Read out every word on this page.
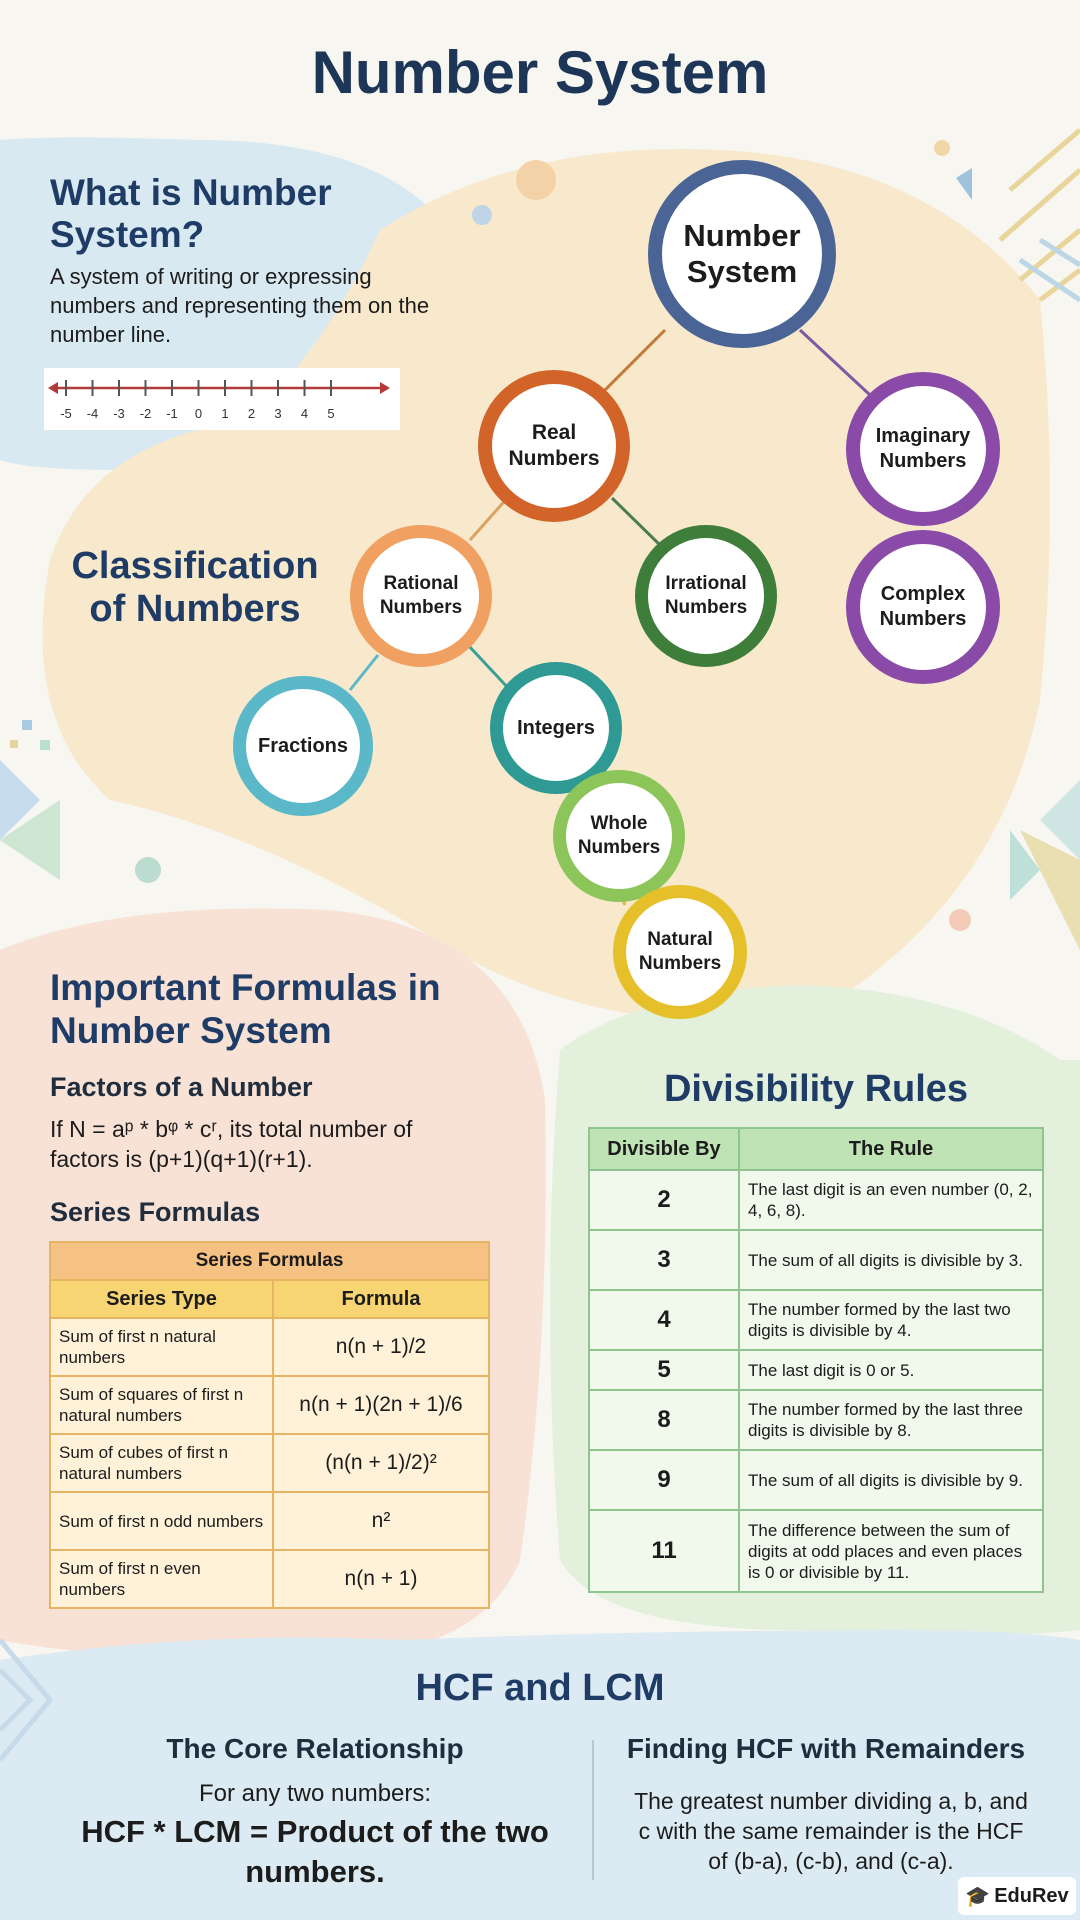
Number System
What is Number System?

A system of writing or expressing numbers and representing them on the number line.

-5 -4 -3 -2 -1 0 1 2 3 4 5
Classification of Numbers
Number System
Real Numbers
Imaginary Numbers
Complex Numbers
Rational Numbers
Irrational Numbers
Fractions
Integers
Whole Numbers
Natural Numbers
Important Formulas in Number System
Factors of a Number

If N = aᵖ * bᵠ * cʳ, its total number of factors is (p+1)(q+1)(r+1).

Series Formulas
Series Formulas	
Series Type	Formula
Sum of first n natural numbers	n(n + 1)/2
Sum of squares of first n natural numbers	n(n + 1)(2n + 1)/6
Sum of cubes of first n natural numbers	(n(n + 1)/2)²
Sum of first n odd numbers	n²
Sum of first n even numbers	n(n + 1)
Divisibility Rules
Divisible By	The Rule
2	The last digit is an even number (0, 2, 4, 6, 8).
3	The sum of all digits is divisible by 3.
4	The number formed by the last two digits is divisible by 4.
5	The last digit is 0 or 5.
8	The number formed by the last three digits is divisible by 8.
9	The sum of all digits is divisible by 9.
11	The difference between the sum of digits at odd places and even places is 0 or divisible by 11.
HCF and LCM
The Core Relationship

For any two numbers:

HCF * LCM = Product of the two numbers.

Finding HCF with Remainders

The greatest number dividing a, b, and c with the same remainder is the HCF of (b-a), (c-b), and (c-a).

🎓 EduRev
